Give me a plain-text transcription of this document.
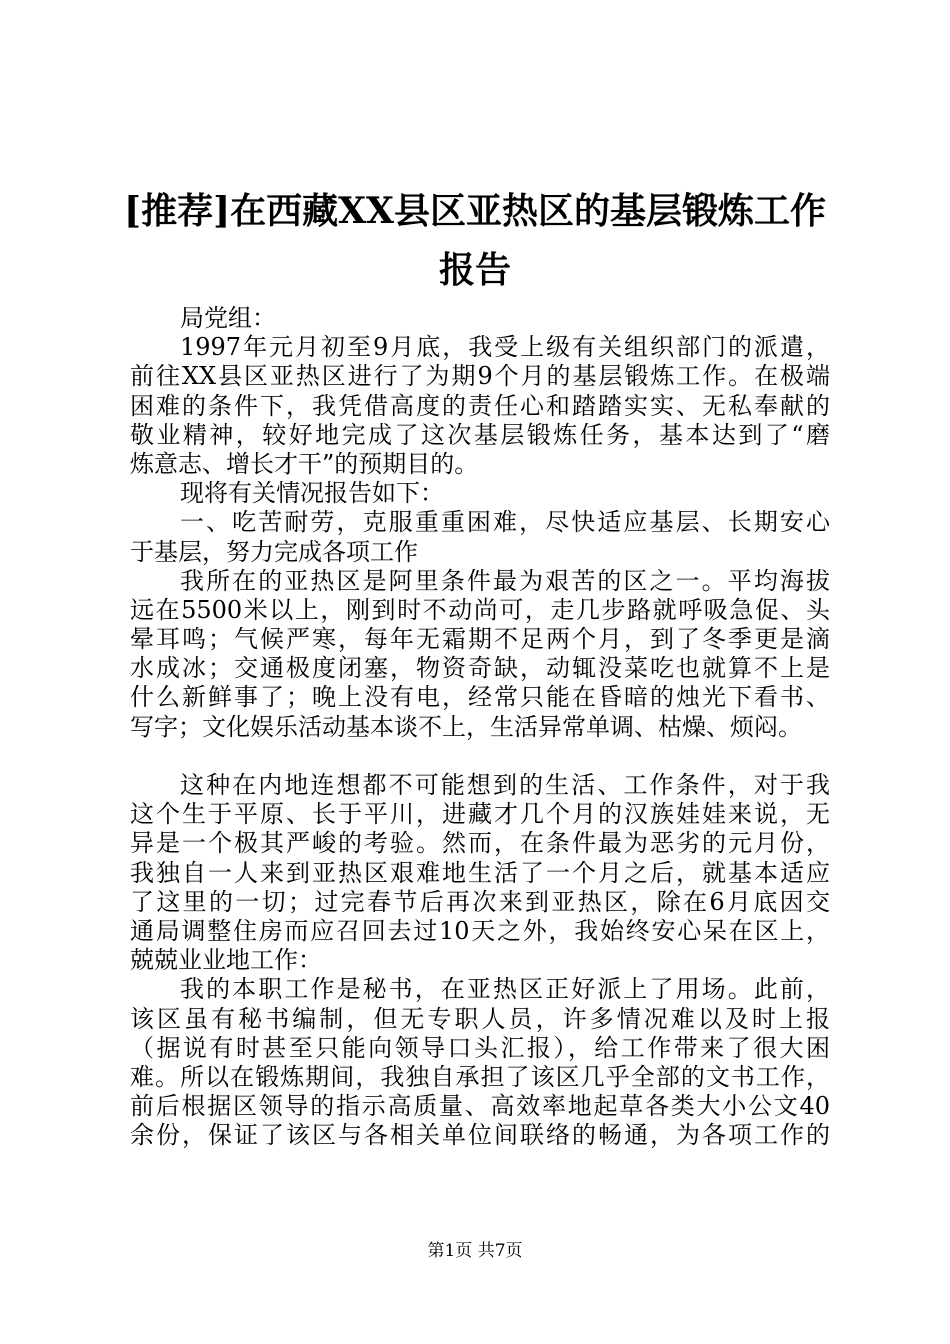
[推荐]在西藏XX县区亚热区的基层锻炼工作
报告
局党组：
1997年元月初至9月底，我受上级有关组织部门的派遣，
前往XX县区亚热区进行了为期9个月的基层锻炼工作。在极端
困难的条件下，我凭借高度的责任心和踏踏实实、无私奉献的
敬业精神，较好地完成了这次基层锻炼任务，基本达到了“磨
炼意志、增长才干”的预期目的。
现将有关情况报告如下：
一、吃苦耐劳，克服重重困难，尽快适应基层、长期安心
于基层，努力完成各项工作
我所在的亚热区是阿里条件最为艰苦的区之一。平均海拔
远在5500米以上，刚到时不动尚可，走几步路就呼吸急促、头
晕耳鸣；气候严寒，每年无霜期不足两个月，到了冬季更是滴
水成冰；交通极度闭塞，物资奇缺，动辄没菜吃也就算不上是
什么新鲜事了；晚上没有电，经常只能在昏暗的烛光下看书、
写字；文化娱乐活动基本谈不上，生活异常单调、枯燥、烦闷。
这种在内地连想都不可能想到的生活、工作条件，对于我
这个生于平原、长于平川，进藏才几个月的汉族娃娃来说，无
异是一个极其严峻的考验。然而，在条件最为恶劣的元月份，
我独自一人来到亚热区艰难地生活了一个月之后，就基本适应
了这里的一切；过完春节后再次来到亚热区，除在6月底因交
通局调整住房而应召回去过10天之外，我始终安心呆在区上，
兢兢业业地工作：
我的本职工作是秘书，在亚热区正好派上了用场。此前，
该区虽有秘书编制，但无专职人员，许多情况难以及时上报
（据说有时甚至只能向领导口头汇报），给工作带来了很大困
难。所以在锻炼期间，我独自承担了该区几乎全部的文书工作，
前后根据区领导的指示高质量、高效率地起草各类大小公文40
余份，保证了该区与各相关单位间联络的畅通，为各项工作的
第1页 共7页
